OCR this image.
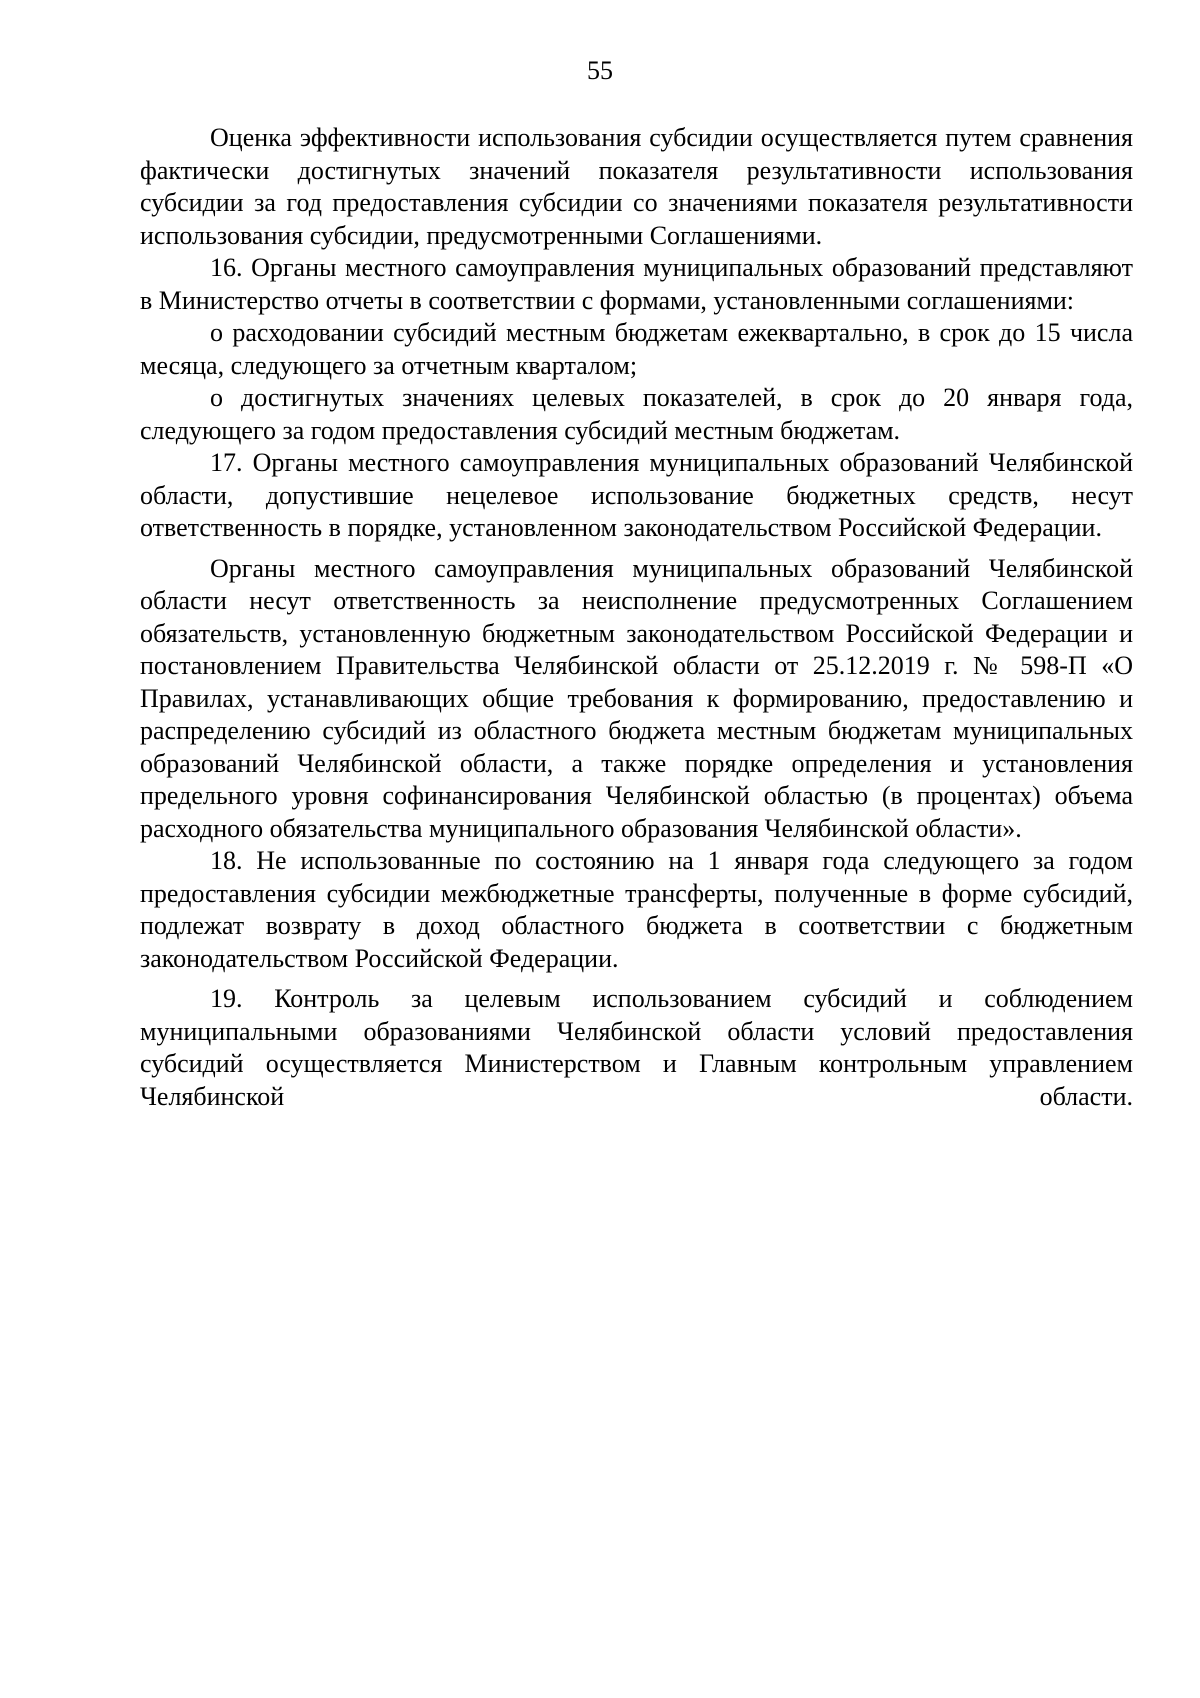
55

Оценка эффективности использования субсидии осуществляется путем сравнения фактически достигнутых значений показателя результативности использования субсидии за год предоставления субсидии со значениями показателя результативности использования субсидии, предусмотренными Соглашениями.

16. Органы местного самоуправления муниципальных образований представляют в Министерство отчеты в соответствии с формами, установленными соглашениями:

о расходовании субсидий местным бюджетам ежеквартально, в срок до 15 числа месяца, следующего за отчетным кварталом;

о достигнутых значениях целевых показателей, в срок до 20 января года, следующего за годом предоставления субсидий местным бюджетам.

17. Органы местного самоуправления муниципальных образований Челябинской области, допустившие нецелевое использование бюджетных средств, несут ответственность в порядке, установленном законодательством Российской Федерации.

Органы местного самоуправления муниципальных образований Челябинской области несут ответственность за неисполнение предусмотренных Соглашением обязательств, установленную бюджетным законодательством Российской Федерации и постановлением Правительства Челябинской области от 25.12.2019 г. № 598-П «О Правилах, устанавливающих общие требования к формированию, предоставлению и распределению субсидий из областного бюджета местным бюджетам муниципальных образований Челябинской области, а также порядке определения и установления предельного уровня софинансирования Челябинской областью (в процентах) объема расходного обязательства муниципального образования Челябинской области».

18. Не использованные по состоянию на 1 января года следующего за годом предоставления субсидии межбюджетные трансферты, полученные в форме субсидий, подлежат возврату в доход областного бюджета в соответствии с бюджетным законодательством Российской Федерации.

19. Контроль за целевым использованием субсидий и соблюдением муниципальными образованиями Челябинской области условий предоставления субсидий осуществляется Министерством и Главным контрольным управлением Челябинской области.
